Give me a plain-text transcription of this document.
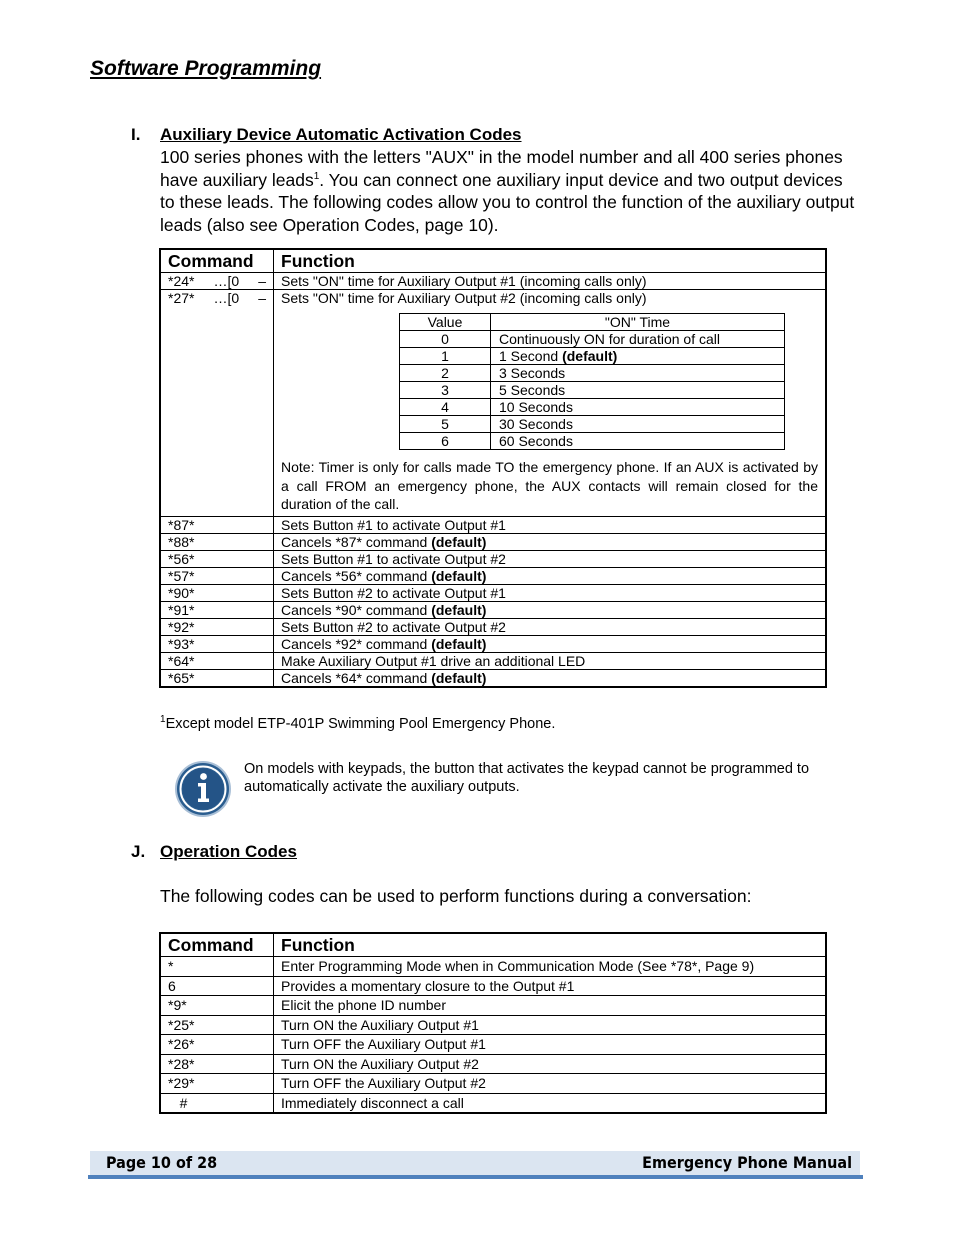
Software Programming
I. Auxiliary Device Automatic Activation Codes
100 series phones with the letters "AUX" in the model number and all 400 series phones have auxiliary leads$^1$. You can connect one auxiliary input device and two output devices to these leads. The following codes allow you to control the function of the auxiliary output leads (also see Operation Codes, page 10).
Command	Function

*24* …[0 –	Sets "ON" time for Auxiliary Output #1 (incoming calls only)

*27* …[0 –	Sets "ON" time for Auxiliary Output #2 (incoming calls only)
Value	"ON" Time
0	Continuously ON for duration of call
1	1 Second (default)
2	3 Seconds
3	5 Seconds
4	10 Seconds
5	30 Seconds
6	60 Seconds
Note: Timer is only for calls made TO the emergency phone. If an AUX is activated by a call FROM an emergency phone, the AUX contacts will remain closed for the duration of the call.

*87*	Sets Button #1 to activate Output #1
*88*	Cancels *87* command (default)
*56*	Sets Button #1 to activate Output #2
*57*	Cancels *56* command (default)
*90*	Sets Button #2 to activate Output #1
*91*	Cancels *90* command (default)
*92*	Sets Button #2 to activate Output #2
*93*	Cancels *92* command (default)
*64*	Make Auxiliary Output #1 drive an additional LED
*65*	Cancels *64* command (default)
$^1$Except model ETP-401P Swimming Pool Emergency Phone.
On models with keypads, the button that activates the keypad cannot be programmed to automatically activate the auxiliary outputs.
J. Operation Codes
The following codes can be used to perform functions during a conversation:
Command	Function
*	Enter Programming Mode when in Communication Mode (See *78*, Page 9)
6	Provides a momentary closure to the Output #1
*9*	Elicit the phone ID number
*25*	Turn ON the Auxiliary Output #1
*26*	Turn OFF the Auxiliary Output #1
*28*	Turn ON the Auxiliary Output #2
*29*	Turn OFF the Auxiliary Output #2
#	Immediately disconnect a call
Page 10 of 28	Emergency Phone Manual
